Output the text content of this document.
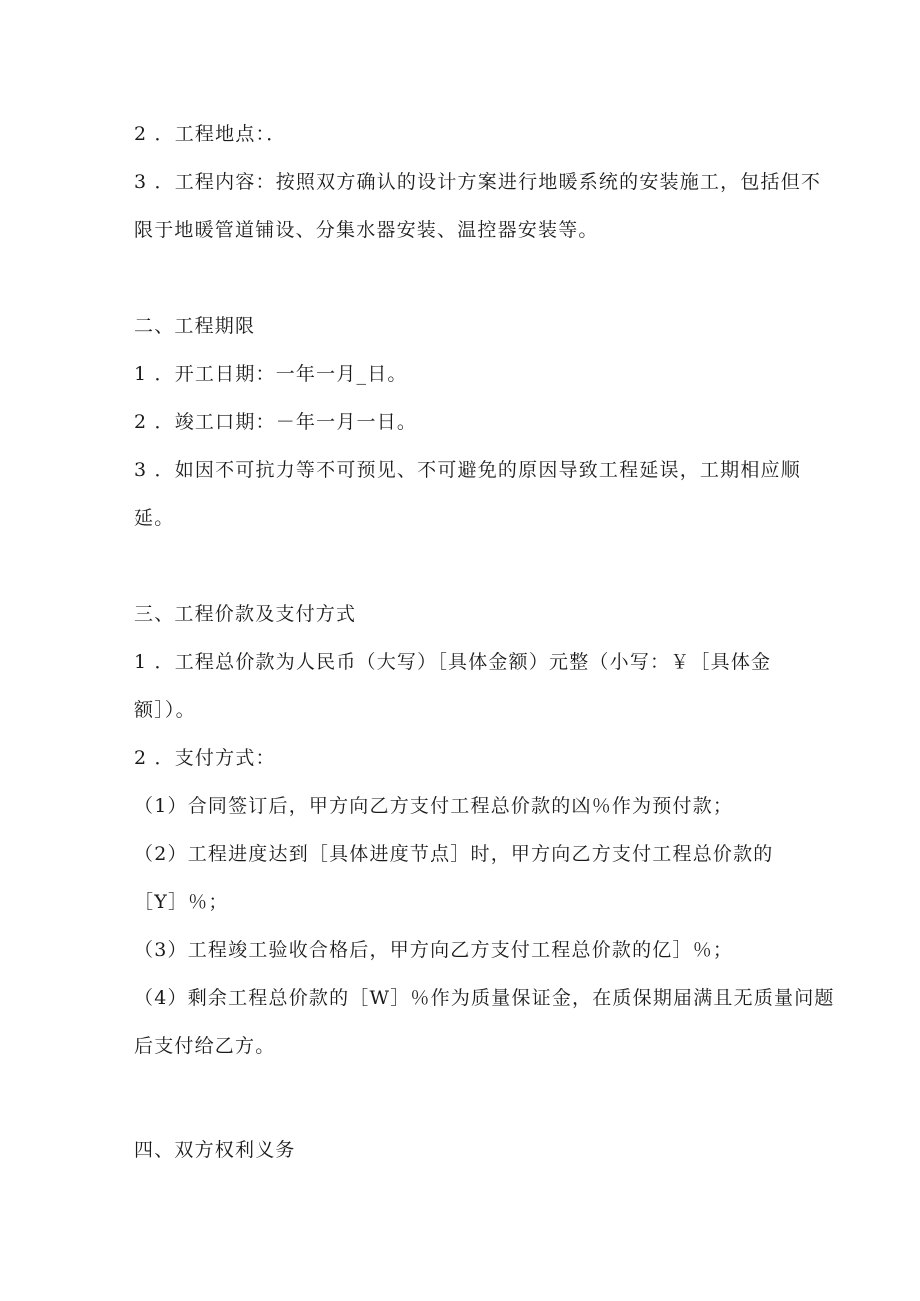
2 ．工程地点：．
3 ．工程内容：按照双方确认的设计方案进行地暖系统的安装施工，包括但不
限于地暖管道铺设、分集水器安装、温控器安装等。
二、工程期限
1 ．开工日期：一年一月_日。
2 ．竣工口期：－年一月一日。
3 ．如因不可抗力等不可预见、不可避免的原因导致工程延误，工期相应顺
延。
三、工程价款及支付方式
1 ．工程总价款为人民币（大写）［具体金额）元整（小写：￥［具体金
额］）。
2 ．支付方式：
（1）合同签订后，甲方向乙方支付工程总价款的凶％作为预付款；
（2）工程进度达到［具体进度节点］时，甲方向乙方支付工程总价款的
［Y］％；
（3）工程竣工验收合格后，甲方向乙方支付工程总价款的亿］％；
（4）剩余工程总价款的［W］％作为质量保证金，在质保期届满且无质量问题
后支付给乙方。
四、双方权利义务
